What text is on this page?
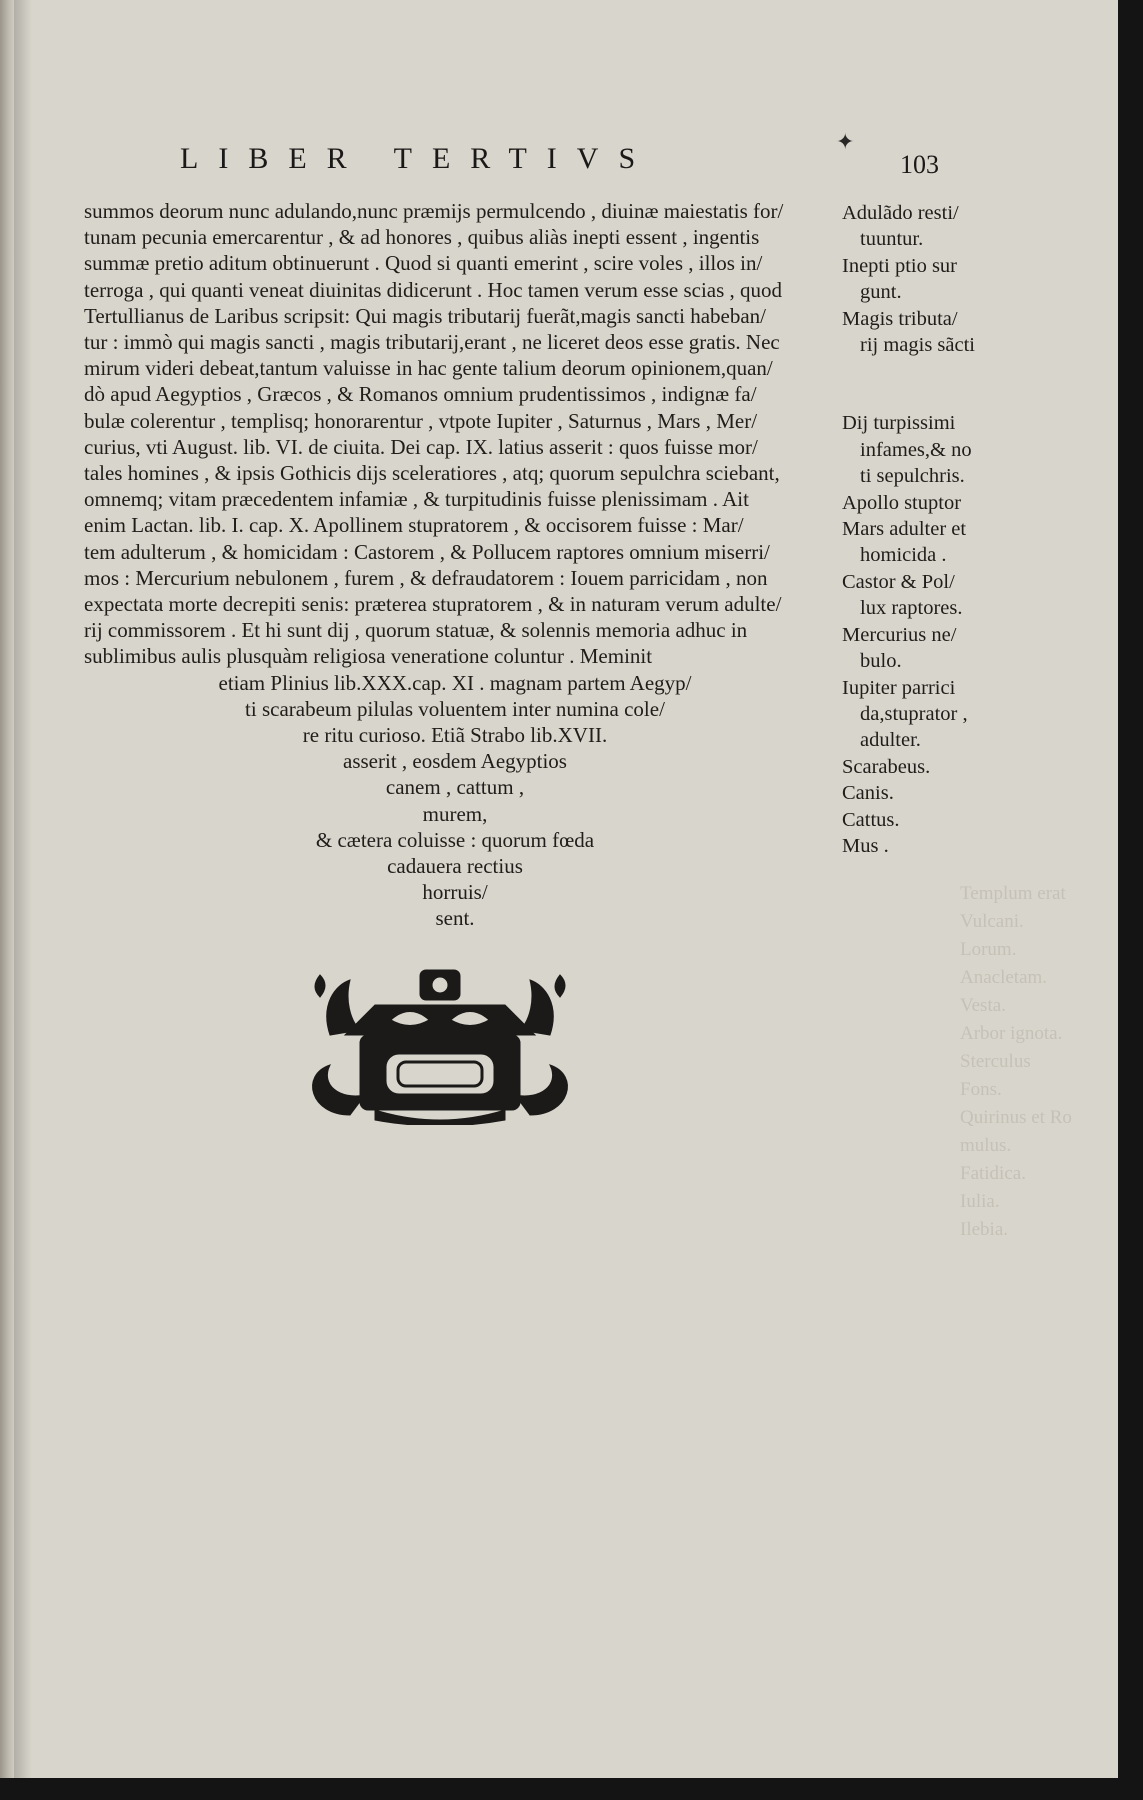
LIBER TERTIVS	✦
103
summos deorum nunc adulando,nunc præmijs permulcendo , diuinæ maiestatis for/
tunam pecunia emercarentur , & ad honores , quibus aliàs inepti essent , ingentis
summæ pretio aditum obtinuerunt . Quod si quanti emerint , scire voles , illos in/
terroga , qui quanti veneat diuinitas didicerunt . Hoc tamen verum esse scias , quod
Tertullianus de Laribus scripsit: Qui magis tributarij fuerãt,magis sancti habeban/
tur : immò qui magis sancti , magis tributarij,erant , ne liceret deos esse gratis. Nec
mirum videri debeat,tantum valuisse in hac gente talium deorum opinionem,quan/
dò apud Aegyptios , Græcos , & Romanos omnium prudentissimos , indignæ fa/
bulæ colerentur , templisq; honorarentur , vtpote Iupiter , Saturnus , Mars , Mer/
curius, vti August. lib. VI. de ciuita. Dei cap. IX. latius asserit : quos fuisse mor/
tales homines , & ipsis Gothicis dijs sceleratiores , atq; quorum sepulchra sciebant,
omnemq; vitam præcedentem infamiæ , & turpitudinis fuisse plenissimam . Ait
enim Lactan. lib. I. cap. X. Apollinem stupratorem , & occisorem fuisse : Mar/
tem adulterum , & homicidam : Castorem , & Pollucem raptores omnium miserri/
mos : Mercurium nebulonem , furem , & defraudatorem : Iouem parricidam , non
expectata morte decrepiti senis: præterea stupratorem , & in naturam verum adulte/
rij commissorem . Et hi sunt dij , quorum statuæ, & solennis memoria adhuc in
sublimibus aulis plusquàm religiosa veneratione coluntur . Meminit
etiam Plinius lib.XXX.cap. XI . magnam partem Aegyp/
ti scarabeum pilulas voluentem inter numina cole/
re ritu curioso. Etiã Strabo lib.XVII.
asserit , eosdem Aegyptios
canem , cattum ,
murem,
& cætera coluisse : quorum fœda
cadauera rectius
horruis/
sent.
Adulãdo resti/
tuuntur.
Inepti ptio sur
gunt.
Magis tributa/
rij magis sãcti
Dij turpissimi
infames,& no
ti sepulchris.
Apollo stuptor
Mars adulter et
homicida .
Castor & Pol/
lux raptores.
Mercurius ne/
bulo.
Iupiter parrici
da,stuprator ,
adulter.
Scarabeus.
Canis.
Cattus.
Mus .
Templum erat
Vulcani.
Lorum.
Anacletam.
Vesta.
Arbor ignota.
Sterculus
Fons.
Quirinus et Ro
mulus.
Fatidica.
Iulia.
Ilebia.
